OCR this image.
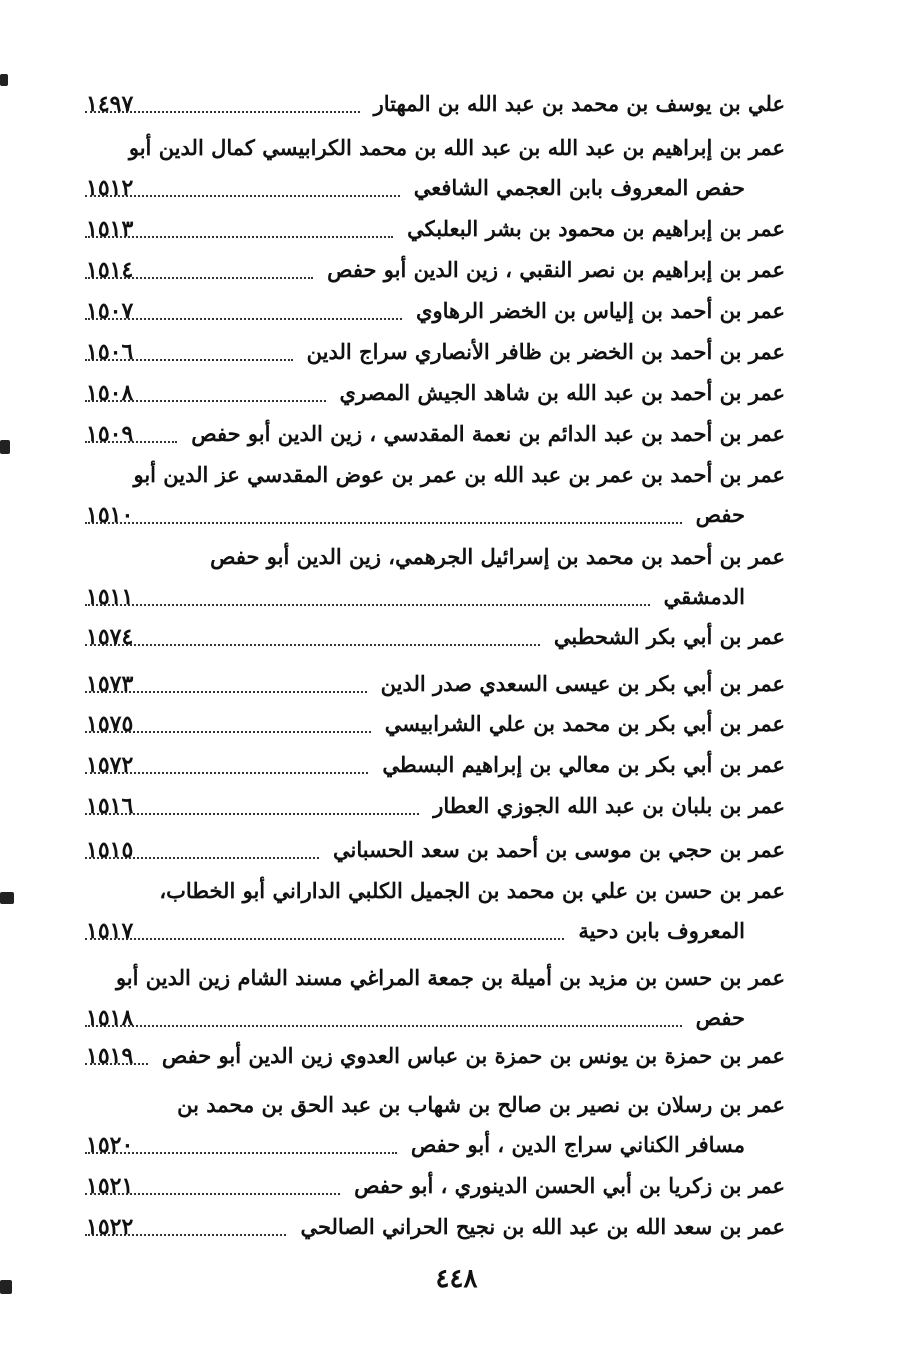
علي بن يوسف بن محمد بن عبد الله بن المهتار
١٤٩٧
عمر بن إبراهيم بن عبد الله بن عبد الله بن محمد الكرابيسي كمال الدين أبو
حفص المعروف بابن العجمي الشافعي
١٥١٢
عمر بن إبراهيم بن محمود بن بشر البعلبكي
١٥١٣
عمر بن إبراهيم بن نصر النقبي ، زين الدين أبو حفص
١٥١٤
عمر بن أحمد بن إلياس بن الخضر الرهاوي
١٥٠٧
عمر بن أحمد بن الخضر بن ظافر الأنصاري سراج الدين
١٥٠٦
عمر بن أحمد بن عبد الله بن شاهد الجيش المصري
١٥٠٨
عمر بن أحمد بن عبد الدائم بن نعمة المقدسي ، زين الدين أبو حفص
١٥٠٩
عمر بن أحمد بن عمر بن عبد الله بن عمر بن عوض المقدسي عز الدين أبو
حفص
١٥١٠
عمر بن أحمد بن محمد بن إسرائيل الجرهمي، زين الدين أبو حفص
الدمشقي
١٥١١
عمر بن أبي بكر الشحطبي
١٥٧٤
عمر بن أبي بكر بن عيسى السعدي صدر الدين
١٥٧٣
عمر بن أبي بكر بن محمد بن علي الشرابيسي
١٥٧٥
عمر بن أبي بكر بن معالي بن إبراهيم البسطي
١٥٧٢
عمر بن بلبان بن عبد الله الجوزي العطار
١٥١٦
عمر بن حجي بن موسى بن أحمد بن سعد الحسباني
١٥١٥
عمر بن حسن بن علي بن محمد بن الجميل الكلبي الداراني أبو الخطاب،
المعروف بابن دحية
١٥١٧
عمر بن حسن بن مزيد بن أميلة بن جمعة المراغي مسند الشام زين الدين أبو
حفص
١٥١٨
عمر بن حمزة بن يونس بن حمزة بن عباس العدوي زين الدين أبو حفص
١٥١٩
عمر بن رسلان بن نصير بن صالح بن شهاب بن عبد الحق بن محمد بن
مسافر الكناني سراج الدين ، أبو حفص
١٥٢٠
عمر بن زكريا بن أبي الحسن الدينوري ، أبو حفص
١٥٢١
عمر بن سعد الله بن عبد الله بن نجيح الحراني الصالحي
١٥٢٢
٤٤٨
